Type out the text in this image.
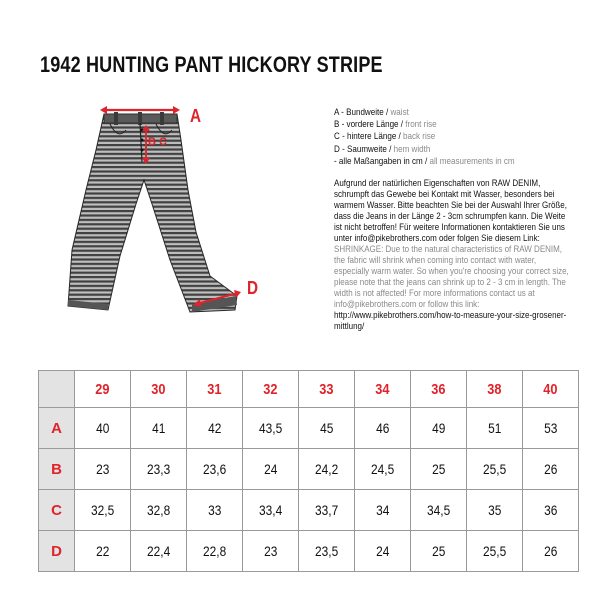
1942 HUNTING PANT HICKORY STRIPE
A
B C
D
A - Bundweite / waist
B - vordere Länge / front rise
C - hintere Länge / back rise
D - Saumweite / hem width
- alle Maßangaben in cm / all measurements in cm
Aufgrund der natürlichen Eigenschaften von RAW DENIM, schrumpft das Gewebe bei Kontakt mit Wasser, besonders bei warmem Wasser. Bitte beachten Sie bei der Auswahl Ihrer Größe, dass die Jeans in der Länge 2 - 3cm schrumpfen kann. Die Weite ist nicht betroffen! Für weitere Informationen kontaktieren Sie uns unter info@pikebrothers.com oder folgen Sie diesem Link:
SHRINKAGE: Due to the natural characteristics of RAW DENIM, the fabric will shrink when coming into contact with water, especially warm water. So when you're choosing your correct size, please note that the jeans can shrink up to 2 - 3 cm in length. The width is not affected! For more informations contact us at info@pikebrothers.com or follow this link:
http://www.pikebrothers.com/how-to-measure-your-size-grosener-mittlung/
	29	30	31	32	33	34	36	38	40
A	40	41	42	43,5	45	46	49	51	53
B	23	23,3	23,6	24	24,2	24,5	25	25,5	26
C	32,5	32,8	33	33,4	33,7	34	34,5	35	36
D	22	22,4	22,8	23	23,5	24	25	25,5	26
